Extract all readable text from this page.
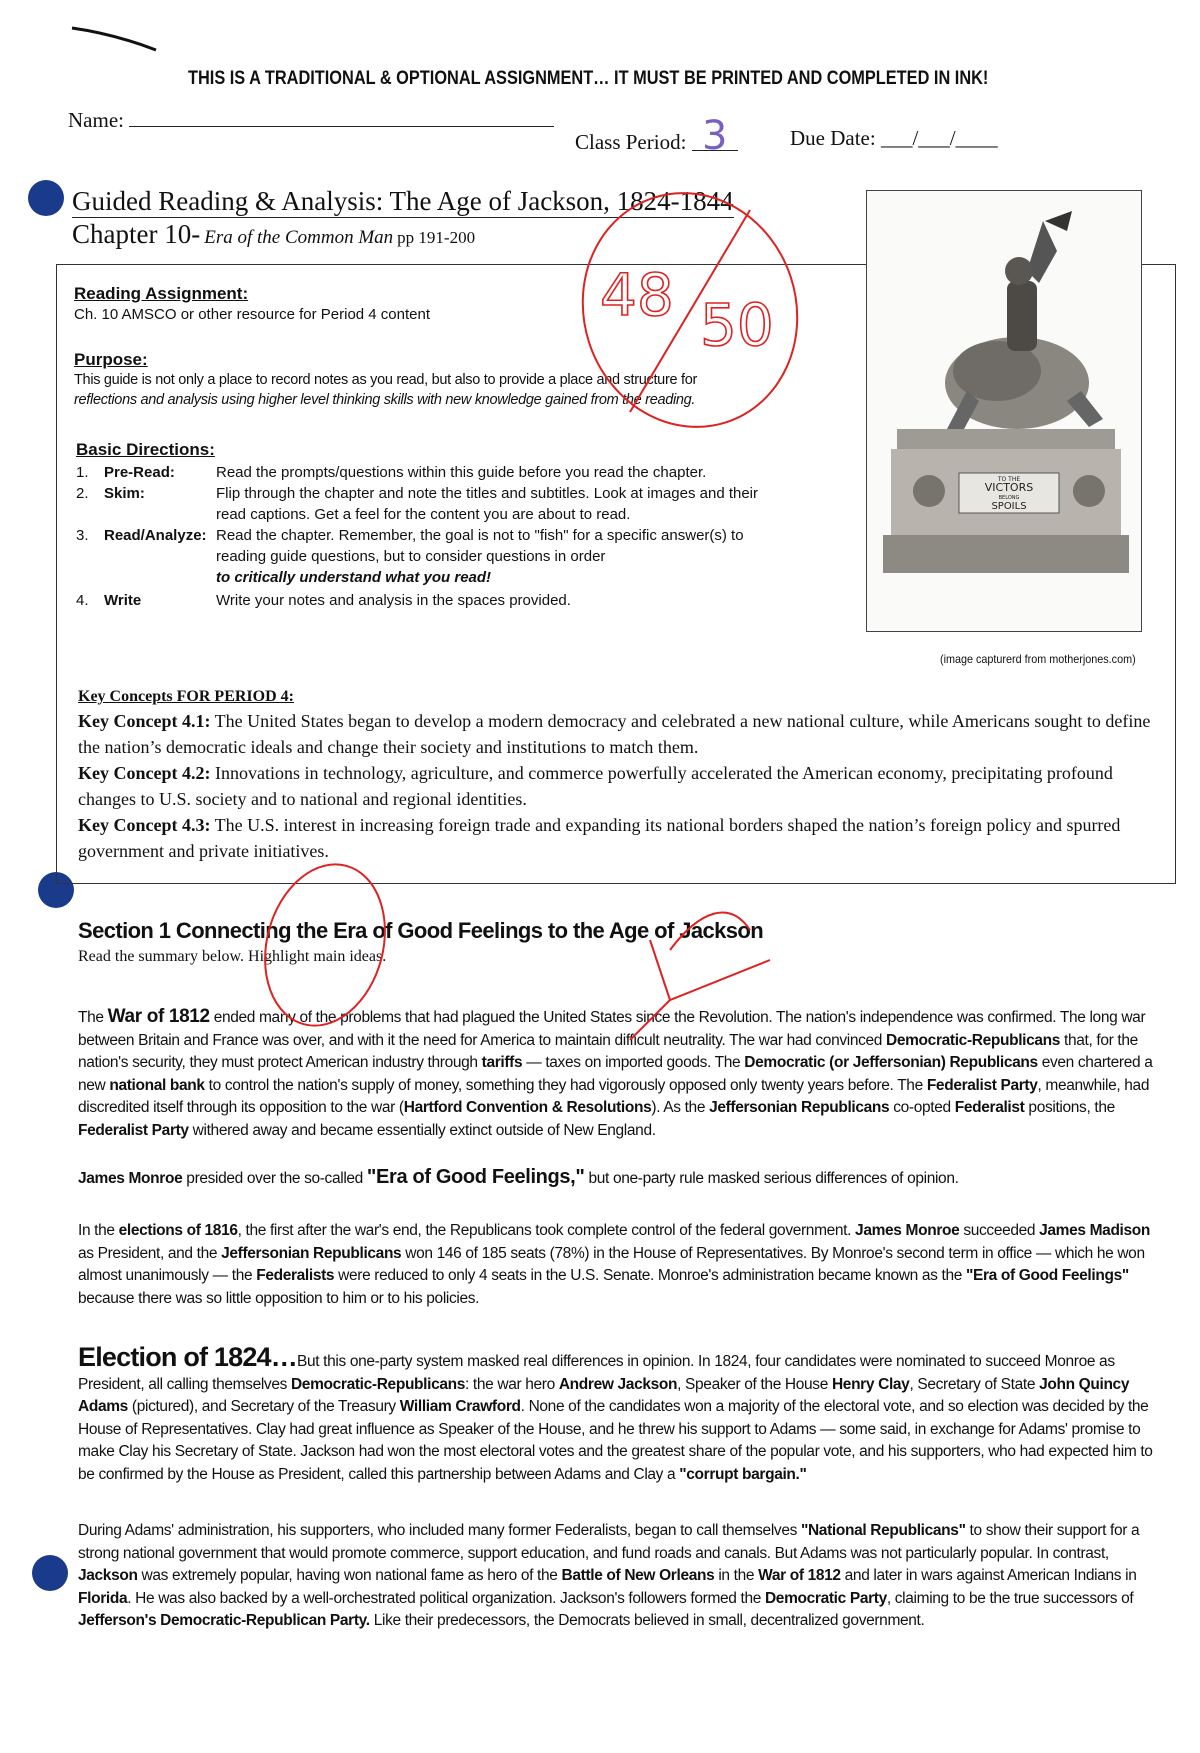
THIS IS A TRADITIONAL & OPTIONAL ASSIGNMENT… IT MUST BE PRINTED AND COMPLETED IN INK!
Name:
Class Period: 3	Due Date: ___/___/____
Guided Reading & Analysis: The Age of Jackson, 1824-1844
Chapter 10- Era of the Common Man pp 191-200
TO THE
VICTORS
BELONG
SPOILS
(image capturerd from motherjones.com)
Reading Assignment:
Ch. 10 AMSCO or other resource for Period 4 content
Purpose:
This guide is not only a place to record notes as you read, but also to provide a place and structure for
reflections and analysis using higher level thinking skills with new knowledge gained from the reading.
Basic Directions:
1.	Pre-Read:	Read the prompts/questions within this guide before you read the chapter.
2.	Skim:	Flip through the chapter and note the titles and subtitles. Look at images and their
read captions. Get a feel for the content you are about to read.
3.	Read/Analyze: Read the chapter. Remember, the goal is not to "fish" for a specific answer(s) to
reading guide questions, but to consider questions in order
to critically understand what you read!
4.	Write	Write your notes and analysis in the spaces provided.
Key Concepts FOR PERIOD 4:
Key Concept 4.1: The United States began to develop a modern democracy and celebrated a new national culture, while Americans sought to define the nation’s democratic ideals and change their society and institutions to match them.
Key Concept 4.2: Innovations in technology, agriculture, and commerce powerfully accelerated the American economy, precipitating profound changes to U.S. society and to national and regional identities.
Key Concept 4.3: The U.S. interest in increasing foreign trade and expanding its national borders shaped the nation’s foreign policy and spurred government and private initiatives.
Section 1 Connecting the Era of Good Feelings to the Age of Jackson
Read the summary below. Highlight main ideas.
The War of 1812 ended many of the problems that had plagued the United States since the Revolution. The nation's independence was confirmed. The long war between Britain and France was over, and with it the need for America to maintain difficult neutrality. The war had convinced Democratic-Republicans that, for the nation's security, they must protect American industry through tariffs — taxes on imported goods. The Democratic (or Jeffersonian) Republicans even chartered a new national bank to control the nation's supply of money, something they had vigorously opposed only twenty years before. The Federalist Party, meanwhile, had discredited itself through its opposition to the war (Hartford Convention & Resolutions). As the Jeffersonian Republicans co-opted Federalist positions, the Federalist Party withered away and became essentially extinct outside of New England.
James Monroe presided over the so-called "Era of Good Feelings," but one-party rule masked serious differences of opinion.
In the elections of 1816, the first after the war's end, the Republicans took complete control of the federal government. James Monroe succeeded James Madison as President, and the Jeffersonian Republicans won 146 of 185 seats (78%) in the House of Representatives. By Monroe's second term in office — which he won almost unanimously — the Federalists were reduced to only 4 seats in the U.S. Senate. Monroe's administration became known as the "Era of Good Feelings" because there was so little opposition to him or to his policies.
Election of 1824…But this one-party system masked real differences in opinion. In 1824, four candidates were nominated to succeed Monroe as President, all calling themselves Democratic-Republicans: the war hero Andrew Jackson, Speaker of the House Henry Clay, Secretary of State John Quincy Adams (pictured), and Secretary of the Treasury William Crawford. None of the candidates won a majority of the electoral vote, and so election was decided by the House of Representatives. Clay had great influence as Speaker of the House, and he threw his support to Adams — some said, in exchange for Adams' promise to make Clay his Secretary of State. Jackson had won the most electoral votes and the greatest share of the popular vote, and his supporters, who had expected him to be confirmed by the House as President, called this partnership between Adams and Clay a "corrupt bargain."
During Adams' administration, his supporters, who included many former Federalists, began to call themselves "National Republicans" to show their support for a strong national government that would promote commerce, support education, and fund roads and canals. But Adams was not particularly popular. In contrast, Jackson was extremely popular, having won national fame as hero of the Battle of New Orleans in the War of 1812 and later in wars against American Indians in Florida. He was also backed by a well-orchestrated political organization. Jackson's followers formed the Democratic Party, claiming to be the true successors of Jefferson's Democratic-Republican Party. Like their predecessors, the Democrats believed in small, decentralized government.
48 50
